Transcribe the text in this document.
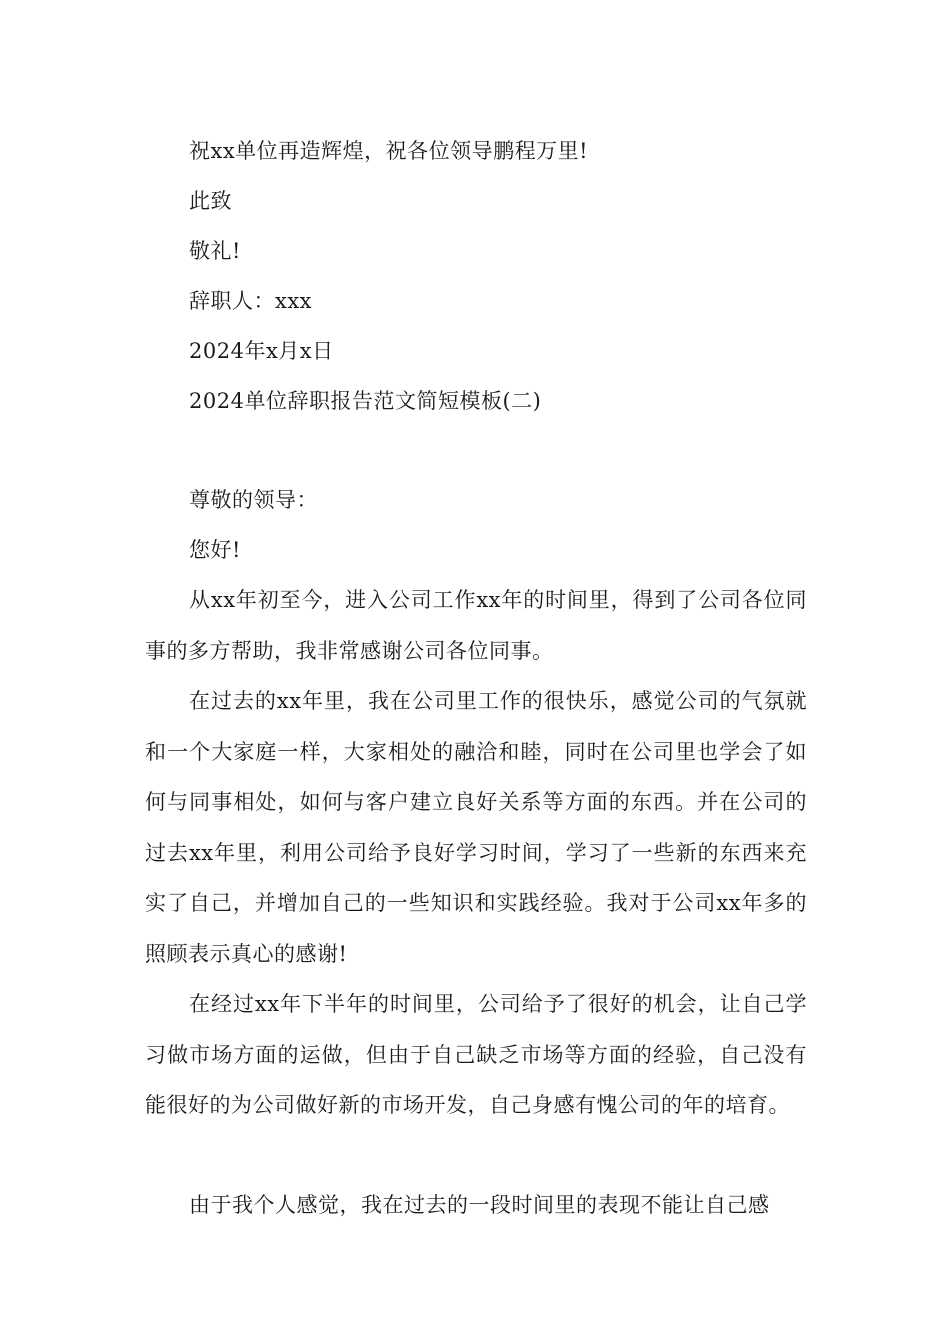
祝xx单位再造辉煌，祝各位领导鹏程万里!
此致
敬礼!
辞职人：xxx
2024年x月x日
2024单位辞职报告范文简短模板(二)
尊敬的领导：
您好!
从xx年初至今，进入公司工作xx年的时间里，得到了公司各位同事的多方帮助，我非常感谢公司各位同事。
在过去的xx年里，我在公司里工作的很快乐，感觉公司的气氛就和一个大家庭一样，大家相处的融洽和睦，同时在公司里也学会了如何与同事相处，如何与客户建立良好关系等方面的东西。并在公司的过去xx年里，利用公司给予良好学习时间，学习了一些新的东西来充实了自己，并增加自己的一些知识和实践经验。我对于公司xx年多的照顾表示真心的感谢!
在经过xx年下半年的时间里，公司给予了很好的机会，让自己学习做市场方面的运做，但由于自己缺乏市场等方面的经验，自己没有能很好的为公司做好新的市场开发，自己身感有愧公司的年的培育。
由于我个人感觉，我在过去的一段时间里的表现不能让自己感
